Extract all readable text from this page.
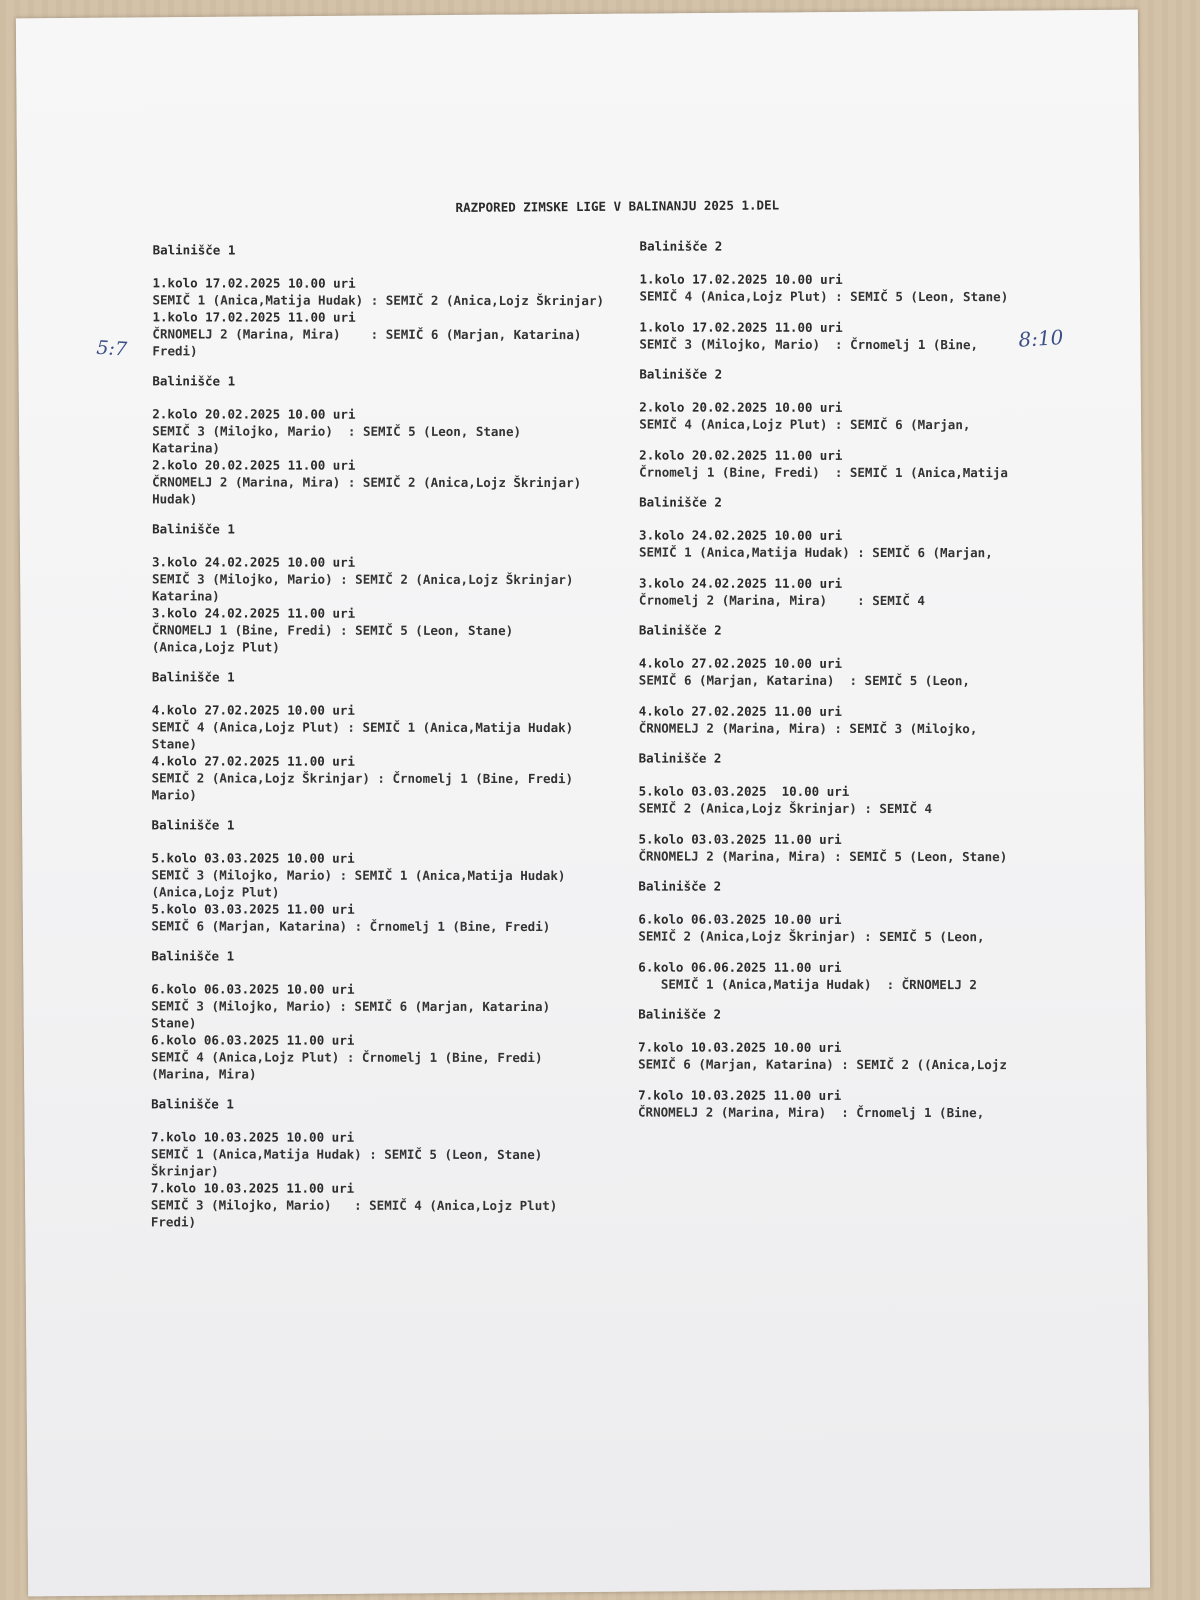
RAZPORED ZIMSKE LIGE V BALINANJU 2025 1.DEL
Balinišče 1
1.kolo 17.02.2025 10.00 uri
SEMIČ 1 (Anica,Matija Hudak) : SEMIČ 2 (Anica,Lojz Škrinjar)
1.kolo 17.02.2025 11.00 uri
ČRNOMELJ 2 (Marina, Mira)    : SEMIČ 6 (Marjan, Katarina)
Fredi)
Balinišče 1
2.kolo 20.02.2025 10.00 uri
SEMIČ 3 (Milojko, Mario)  : SEMIČ 5 (Leon, Stane)
Katarina)
2.kolo 20.02.2025 11.00 uri
ČRNOMELJ 2 (Marina, Mira) : SEMIČ 2 (Anica,Lojz Škrinjar)
Hudak)
Balinišče 1
3.kolo 24.02.2025 10.00 uri
SEMIČ 3 (Milojko, Mario) : SEMIČ 2 (Anica,Lojz Škrinjar)
Katarina)
3.kolo 24.02.2025 11.00 uri
ČRNOMELJ 1 (Bine, Fredi) : SEMIČ 5 (Leon, Stane)
(Anica,Lojz Plut)
Balinišče 1
4.kolo 27.02.2025 10.00 uri
SEMIČ 4 (Anica,Lojz Plut) : SEMIČ 1 (Anica,Matija Hudak)
Stane)
4.kolo 27.02.2025 11.00 uri
SEMIČ 2 (Anica,Lojz Škrinjar) : Črnomelj 1 (Bine, Fredi)
Mario)
Balinišče 1
5.kolo 03.03.2025 10.00 uri
SEMIČ 3 (Milojko, Mario) : SEMIČ 1 (Anica,Matija Hudak)
(Anica,Lojz Plut)
5.kolo 03.03.2025 11.00 uri
SEMIČ 6 (Marjan, Katarina) : Črnomelj 1 (Bine, Fredi)
Balinišče 1
6.kolo 06.03.2025 10.00 uri
SEMIČ 3 (Milojko, Mario) : SEMIČ 6 (Marjan, Katarina)
Stane)
6.kolo 06.03.2025 11.00 uri
SEMIČ 4 (Anica,Lojz Plut) : Črnomelj 1 (Bine, Fredi)
(Marina, Mira)
Balinišče 1
7.kolo 10.03.2025 10.00 uri
SEMIČ 1 (Anica,Matija Hudak) : SEMIČ 5 (Leon, Stane)
Škrinjar)
7.kolo 10.03.2025 11.00 uri
SEMIČ 3 (Milojko, Mario)   : SEMIČ 4 (Anica,Lojz Plut)
Fredi)
Balinišče 2
1.kolo 17.02.2025 10.00 uri
SEMIČ 4 (Anica,Lojz Plut) : SEMIČ 5 (Leon, Stane)
1.kolo 17.02.2025 11.00 uri
SEMIČ 3 (Milojko, Mario)  : Črnomelj 1 (Bine,
Balinišče 2
2.kolo 20.02.2025 10.00 uri
SEMIČ 4 (Anica,Lojz Plut) : SEMIČ 6 (Marjan,
2.kolo 20.02.2025 11.00 uri
Črnomelj 1 (Bine, Fredi)  : SEMIČ 1 (Anica,Matija
Balinišče 2
3.kolo 24.02.2025 10.00 uri
SEMIČ 1 (Anica,Matija Hudak) : SEMIČ 6 (Marjan,
3.kolo 24.02.2025 11.00 uri
Črnomelj 2 (Marina, Mira)    : SEMIČ 4
Balinišče 2
4.kolo 27.02.2025 10.00 uri
SEMIČ 6 (Marjan, Katarina)  : SEMIČ 5 (Leon,
4.kolo 27.02.2025 11.00 uri
ČRNOMELJ 2 (Marina, Mira) : SEMIČ 3 (Milojko,
Balinišče 2
5.kolo 03.03.2025  10.00 uri
SEMIČ 2 (Anica,Lojz Škrinjar) : SEMIČ 4
5.kolo 03.03.2025 11.00 uri
ČRNOMELJ 2 (Marina, Mira) : SEMIČ 5 (Leon, Stane)
Balinišče 2
6.kolo 06.03.2025 10.00 uri
SEMIČ 2 (Anica,Lojz Škrinjar) : SEMIČ 5 (Leon,
6.kolo 06.06.2025 11.00 uri
SEMIČ 1 (Anica,Matija Hudak)  : ČRNOMELJ 2
Balinišče 2
7.kolo 10.03.2025 10.00 uri
SEMIČ 6 (Marjan, Katarina) : SEMIČ 2 ((Anica,Lojz
7.kolo 10.03.2025 11.00 uri
ČRNOMELJ 2 (Marina, Mira)  : Črnomelj 1 (Bine,
5:7	8:10
